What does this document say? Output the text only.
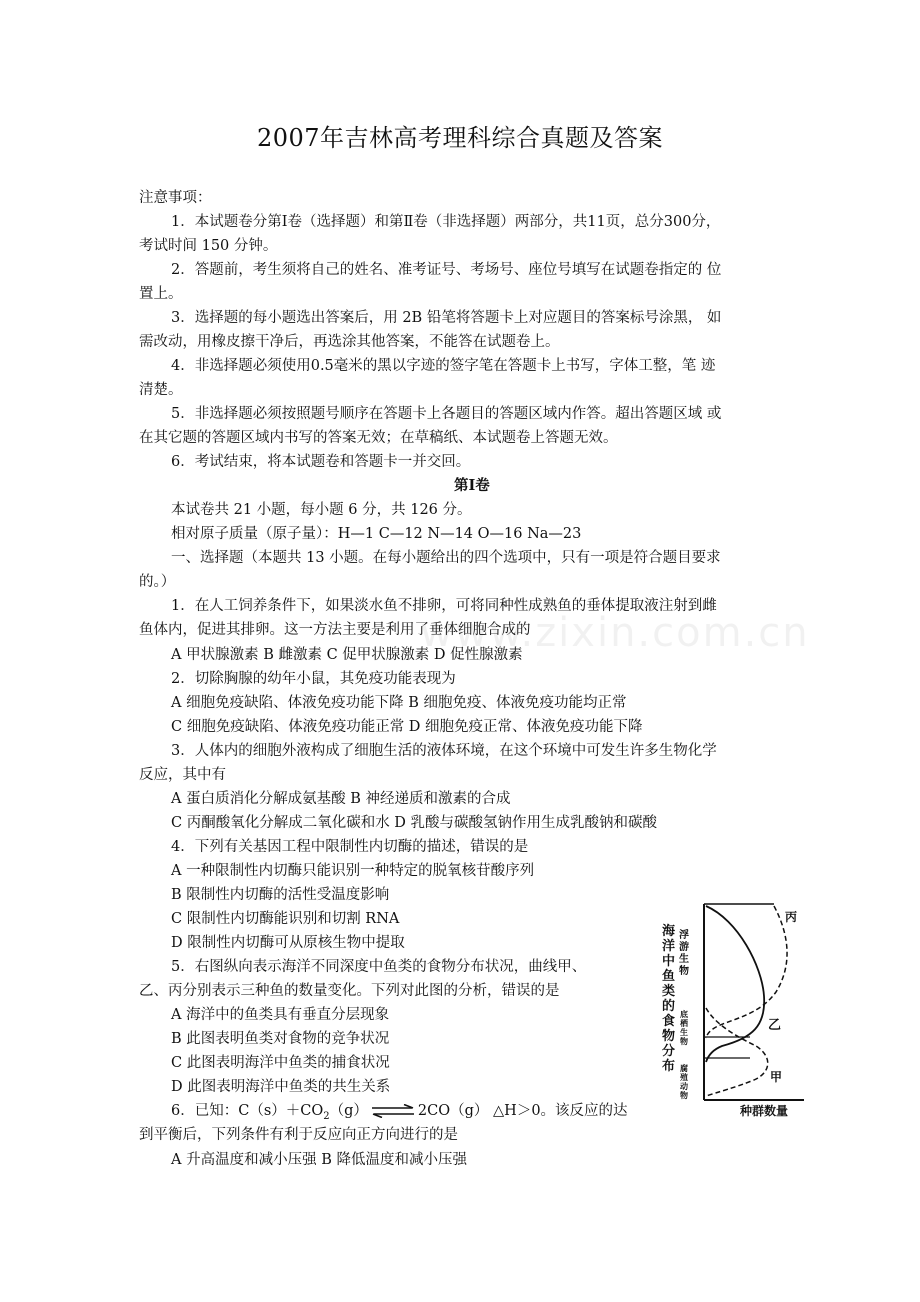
www.zixin.com.cn
2007年吉林高考理科综合真题及答案
注意事项：
1．本试题卷分第Ⅰ卷（选择题）和第Ⅱ卷（非选择题）两部分，共11页，总分300分，
考试时间 150 分钟。
2．答题前，考生须将自己的姓名、准考证号、考场号、座位号填写在试题卷指定的 位
置上。
3．选择题的每小题选出答案后，用 2B 铅笔将答题卡上对应题目的答案标号涂黑， 如
需改动，用橡皮擦干净后，再选涂其他答案，不能答在试题卷上。
4．非选择题必须使用0.5毫米的黑以字迹的签字笔在答题卡上书写，字体工整，笔 迹
清楚。
5．非选择题必须按照题号顺序在答题卡上各题目的答题区域内作答。超出答题区域 或
在其它题的答题区域内书写的答案无效；在草稿纸、本试题卷上答题无效。
6．考试结束，将本试题卷和答题卡一并交回。
第Ⅰ卷
本试卷共 21 小题，每小题 6 分，共 126 分。
相对原子质量（原子量）：H—1 C—12 N—14 O—16 Na—23
一、选择题（本题共 13 小题。在每小题给出的四个选项中，只有一项是符合题目要求
的。）
1．在人工饲养条件下，如果淡水鱼不排卵，可将同种性成熟鱼的垂体提取液注射到雌
鱼体内，促进其排卵。这一方法主要是利用了垂体细胞合成的
A 甲状腺激素 B 雌激素 C 促甲状腺激素 D 促性腺激素
2．切除胸腺的幼年小鼠，其免疫功能表现为
A 细胞免疫缺陷、体液免疫功能下降 B 细胞免疫、体液免疫功能均正常
C 细胞免疫缺陷、体液免疫功能正常 D 细胞免疫正常、体液免疫功能下降
3．人体内的细胞外液构成了细胞生活的液体环境，在这个环境中可发生许多生物化学
反应，其中有
A 蛋白质消化分解成氨基酸 B 神经递质和激素的合成
C 丙酮酸氧化分解成二氧化碳和水 D 乳酸与碳酸氢钠作用生成乳酸钠和碳酸
4．下列有关基因工程中限制性内切酶的描述，错误的是
A 一种限制性内切酶只能识别一种特定的脱氧核苷酸序列
B 限制性内切酶的活性受温度影响
C 限制性内切酶能识别和切割 RNA
D 限制性内切酶可从原核生物中提取
5．右图纵向表示海洋不同深度中鱼类的食物分布状况，曲线甲、
乙、丙分别表示三种鱼的数量变化。下列对此图的分析，错误的是
A 海洋中的鱼类具有垂直分层现象
B 此图表明鱼类对食物的竞争状况
C 此图表明海洋中鱼类的捕食状况
D 此图表明海洋中鱼类的共生关系
6．已知：$C(s)+CO_2(g)$ ⇌ 2CO（g） △H＞0。该反应的达
到平衡后，下列条件有利于反应向正方向进行的是
A 升高温度和减小压强 B 降低温度和减小压强
海洋中鱼类的食物分布
浮游生物
底栖生物
腐殖动物
丙
乙
甲
种群数量
